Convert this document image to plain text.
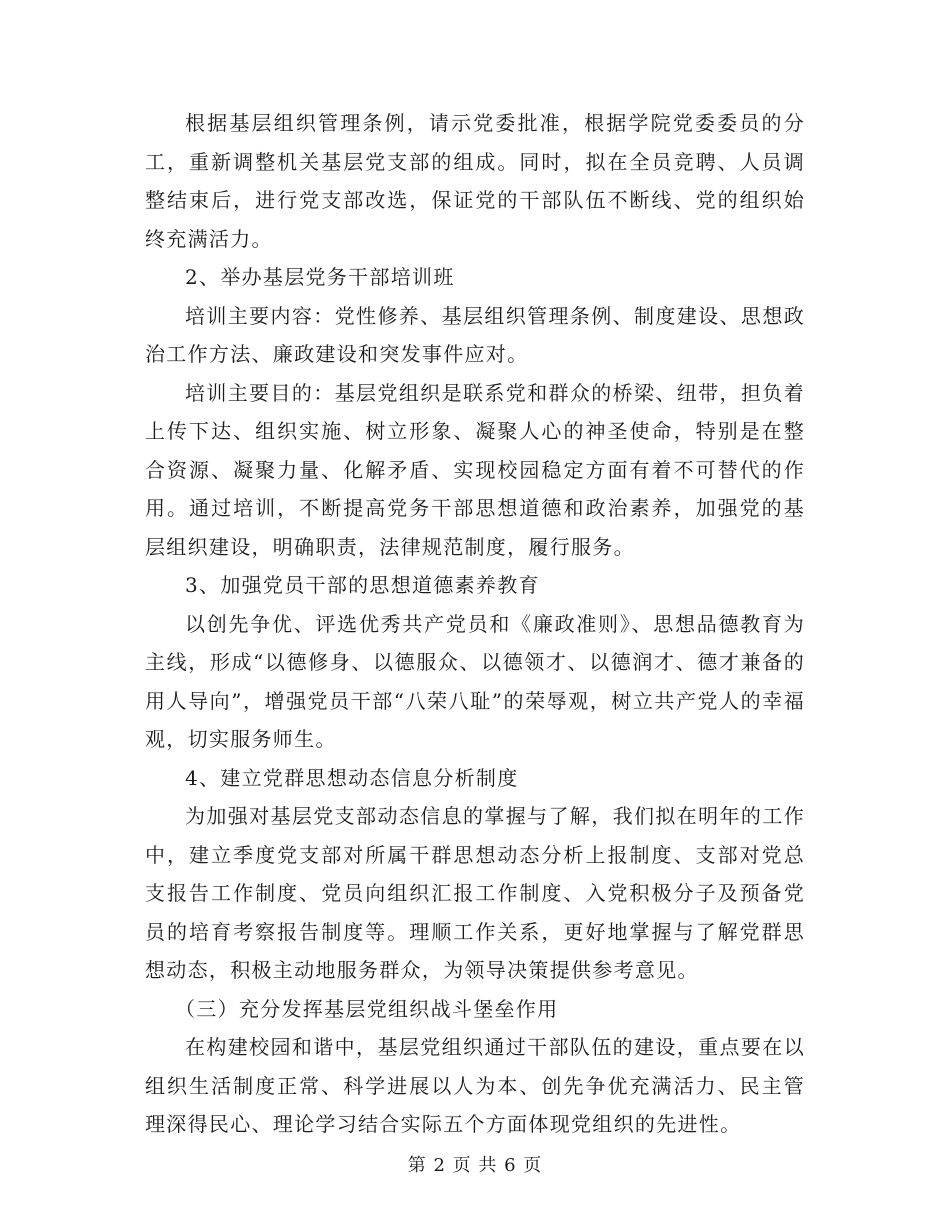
根据基层组织管理条例，请示党委批准，根据学院党委委员的分工，重新调整机关基层党支部的组成。同时，拟在全员竞聘、人员调整结束后，进行党支部改选，保证党的干部队伍不断线、党的组织始终充满活力。

2、举办基层党务干部培训班

培训主要内容：党性修养、基层组织管理条例、制度建设、思想政治工作方法、廉政建设和突发事件应对。

培训主要目的：基层党组织是联系党和群众的桥梁、纽带，担负着上传下达、组织实施、树立形象、凝聚人心的神圣使命，特别是在整合资源、凝聚力量、化解矛盾、实现校园稳定方面有着不可替代的作用。通过培训，不断提高党务干部思想道德和政治素养，加强党的基层组织建设，明确职责，法律规范制度，履行服务。

3、加强党员干部的思想道德素养教育

以创先争优、评选优秀共产党员和《廉政准则》、思想品德教育为主线，形成“以德修身、以德服众、以德领才、以德润才、德才兼备的用人导向”，增强党员干部“八荣八耻”的荣辱观，树立共产党人的幸福观，切实服务师生。

4、建立党群思想动态信息分析制度

为加强对基层党支部动态信息的掌握与了解，我们拟在明年的工作中，建立季度党支部对所属干群思想动态分析上报制度、支部对党总支报告工作制度、党员向组织汇报工作制度、入党积极分子及预备党员的培育考察报告制度等。理顺工作关系，更好地掌握与了解党群思想动态，积极主动地服务群众，为领导决策提供参考意见。

（三）充分发挥基层党组织战斗堡垒作用

在构建校园和谐中，基层党组织通过干部队伍的建设，重点要在以组织生活制度正常、科学进展以人为本、创先争优充满活力、民主管理深得民心、理论学习结合实际五个方面体现党组织的先进性。

第 2 页 共 6 页
